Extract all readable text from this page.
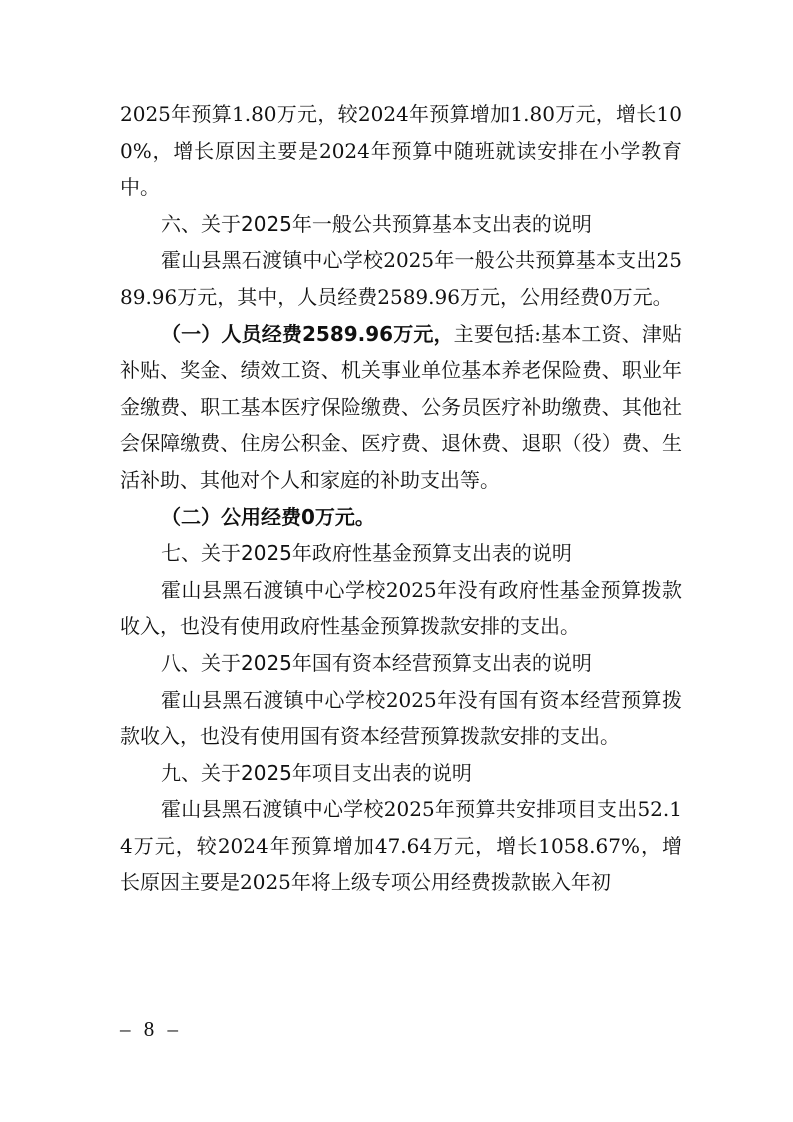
2025年预算1.80万元，较2024年预算增加1.80万元，增长100%，增长原因主要是2024年预算中随班就读安排在小学教育中。

六、关于2025年一般公共预算基本支出表的说明

霍山县黑石渡镇中心学校2025年一般公共预算基本支出2589.96万元，其中，人员经费2589.96万元，公用经费0万元。

（一）人员经费2589.96万元，主要包括:基本工资、津贴补贴、奖金、绩效工资、机关事业单位基本养老保险费、职业年金缴费、职工基本医疗保险缴费、公务员医疗补助缴费、其他社会保障缴费、住房公积金、医疗费、退休费、退职（役）费、生活补助、其他对个人和家庭的补助支出等。

（二）公用经费0万元。

七、关于2025年政府性基金预算支出表的说明

霍山县黑石渡镇中心学校2025年没有政府性基金预算拨款收入，也没有使用政府性基金预算拨款安排的支出。

八、关于2025年国有资本经营预算支出表的说明

霍山县黑石渡镇中心学校2025年没有国有资本经营预算拨款收入，也没有使用国有资本经营预算拨款安排的支出。

九、关于2025年项目支出表的说明

霍山县黑石渡镇中心学校2025年预算共安排项目支出52.14万元，较2024年预算增加47.64万元，增长1058.67%，增长原因主要是2025年将上级专项公用经费拨款嵌入年初

– 8 –
